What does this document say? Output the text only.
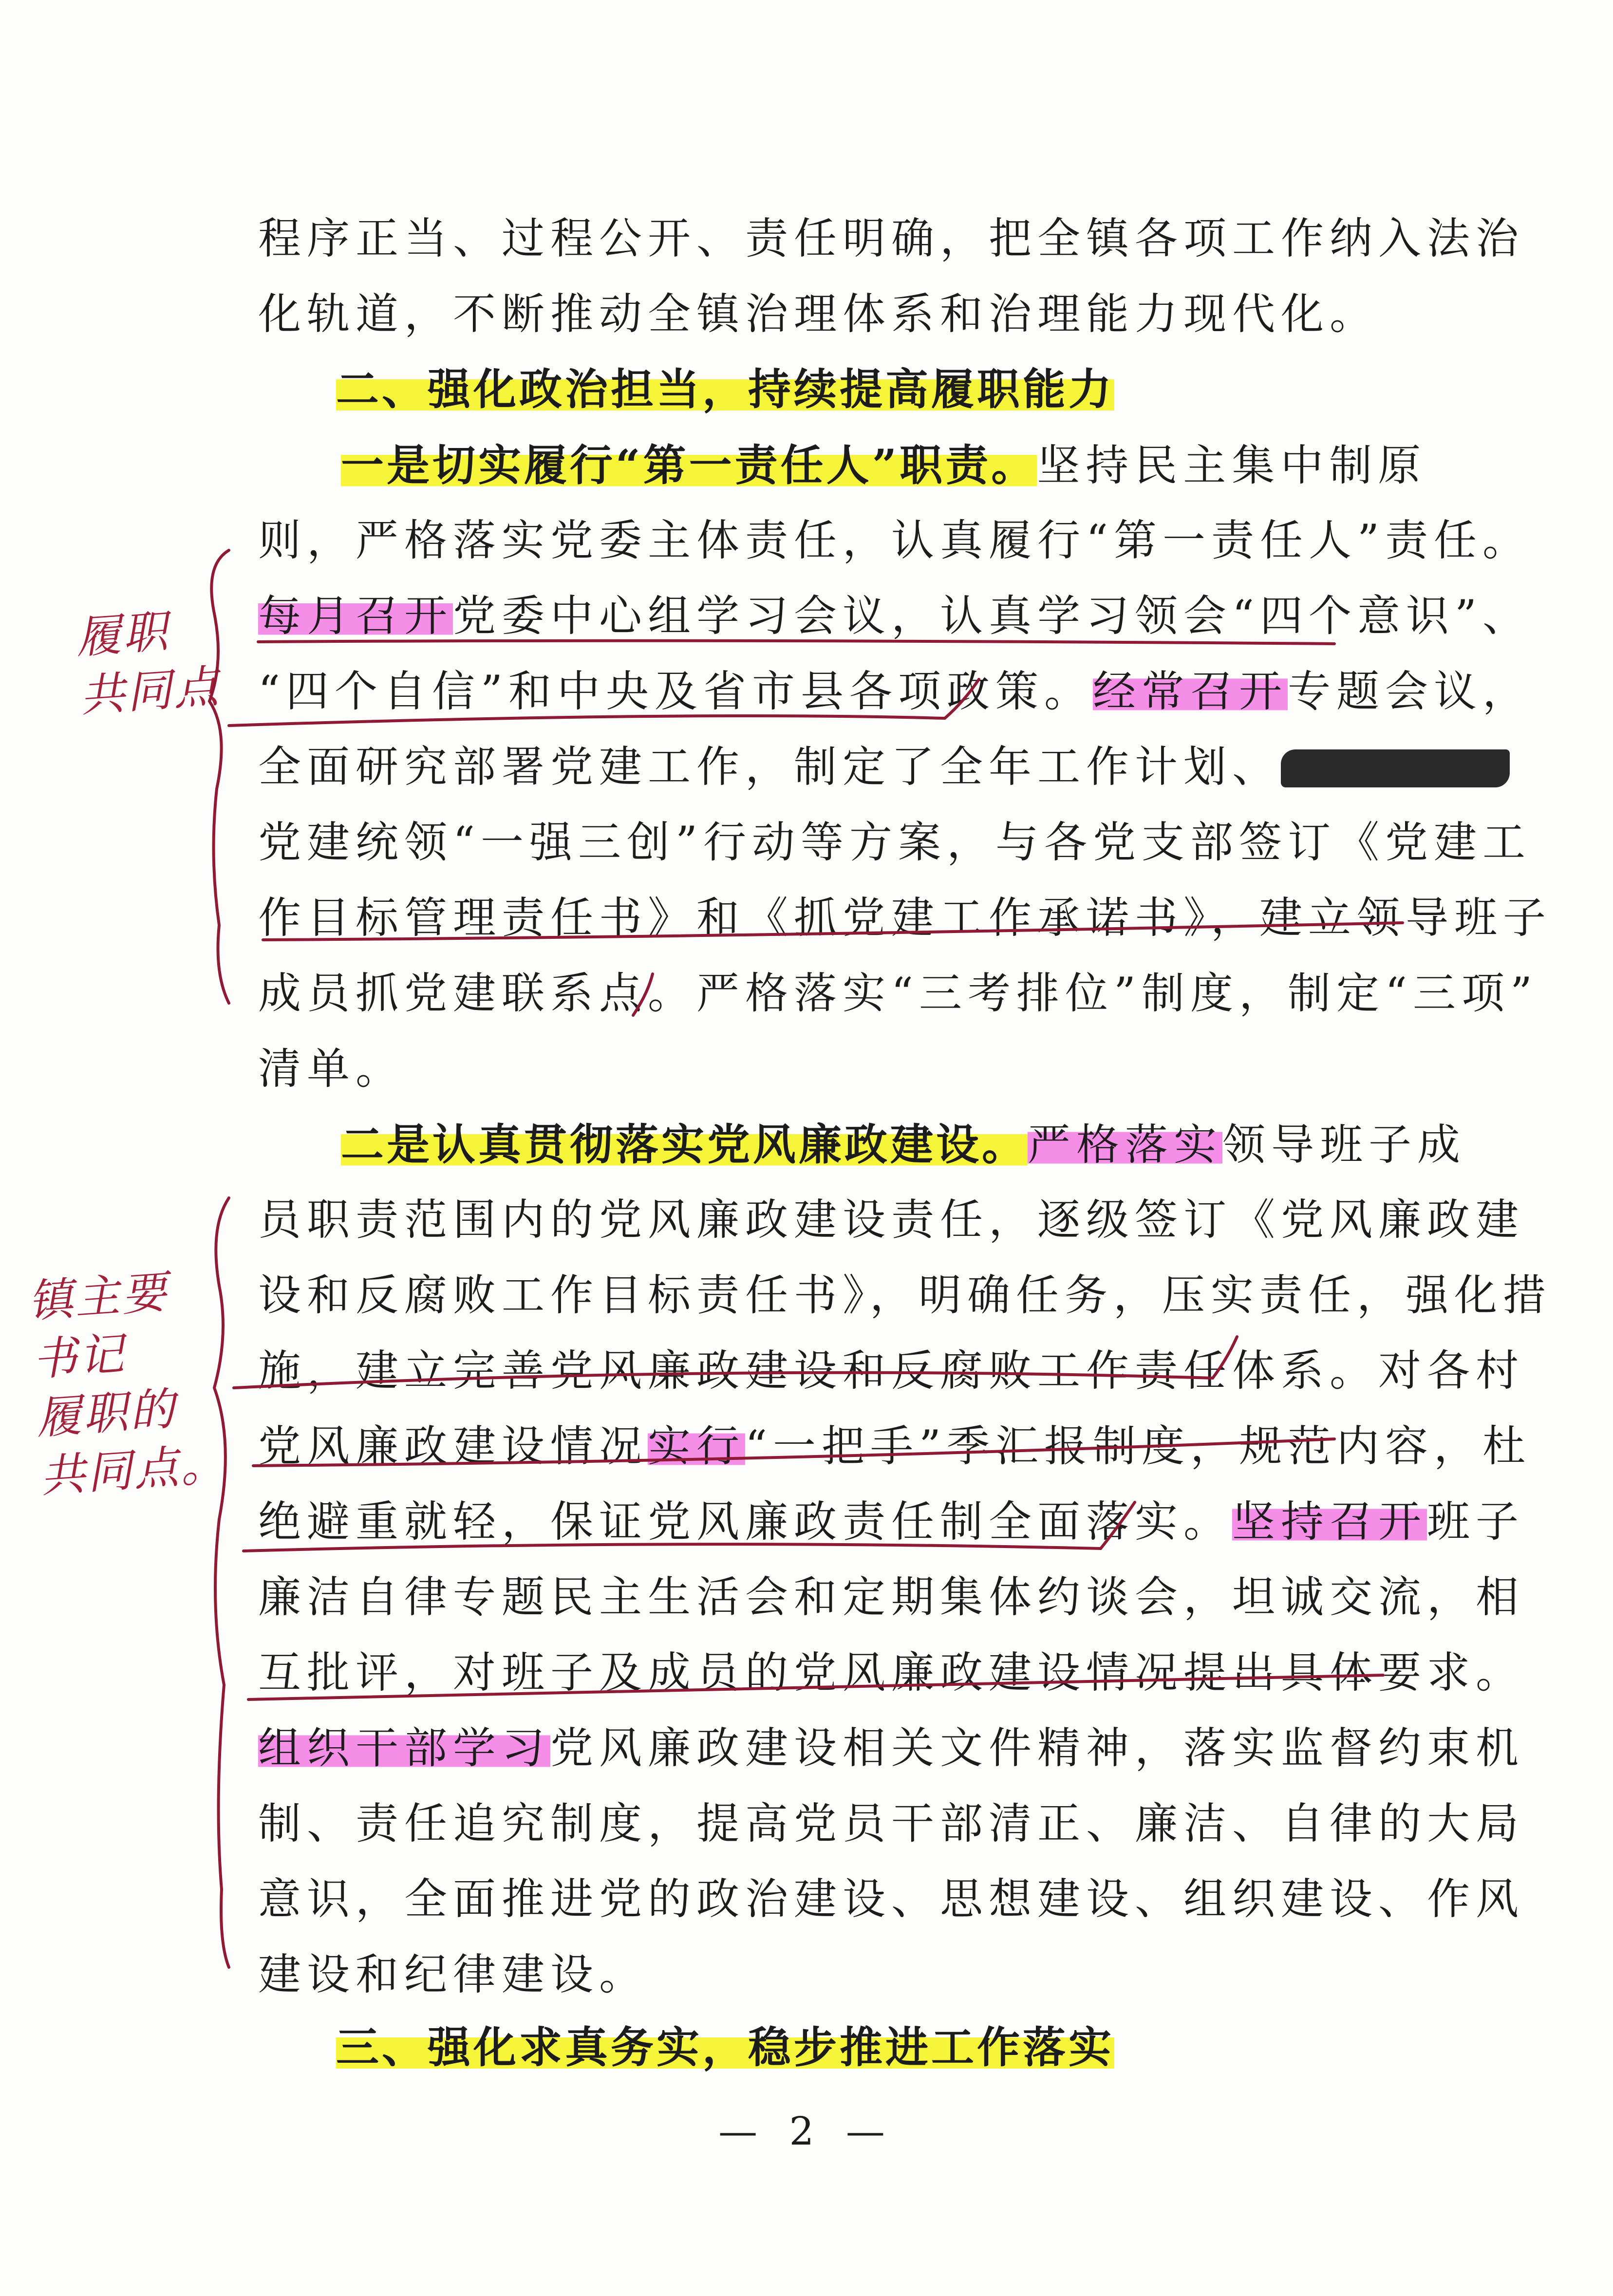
程序正当、过程公开、责任明确，把全镇各项工作纳入法治
化轨道，不断推动全镇治理体系和治理能力现代化。
二、强化政治担当，持续提高履职能力
一是切实履行“第一责任人”职责。坚持民主集中制原
则，严格落实党委主体责任，认真履行“第一责任人”责任。
每月召开党委中心组学习会议，认真学习领会“四个意识”、
“四个自信”和中央及省市县各项政策。经常召开专题会议，
全面研究部署党建工作，制定了全年工作计划、
党建统领“一强三创”行动等方案，与各党支部签订《党建工
作目标管理责任书》和《抓党建工作承诺书》，建立领导班子
成员抓党建联系点。严格落实“三考排位”制度，制定“三项”
清单。
二是认真贯彻落实党风廉政建设。严格落实领导班子成
员职责范围内的党风廉政建设责任，逐级签订《党风廉政建
设和反腐败工作目标责任书》，明确任务，压实责任，强化措
施，建立完善党风廉政建设和反腐败工作责任体系。对各村
党风廉政建设情况实行“一把手”季汇报制度，规范内容，杜
绝避重就轻，保证党风廉政责任制全面落实。坚持召开班子
廉洁自律专题民主生活会和定期集体约谈会，坦诚交流，相
互批评，对班子及成员的党风廉政建设情况提出具体要求。
组织干部学习党风廉政建设相关文件精神，落实监督约束机
制、责任追究制度，提高党员干部清正、廉洁、自律的大局
意识，全面推进党的政治建设、思想建设、组织建设、作风
建设和纪律建设。
三、强化求真务实，稳步推进工作落实
— 2 —
履职
共同点
镇主要
书记
履职的
共同点。
